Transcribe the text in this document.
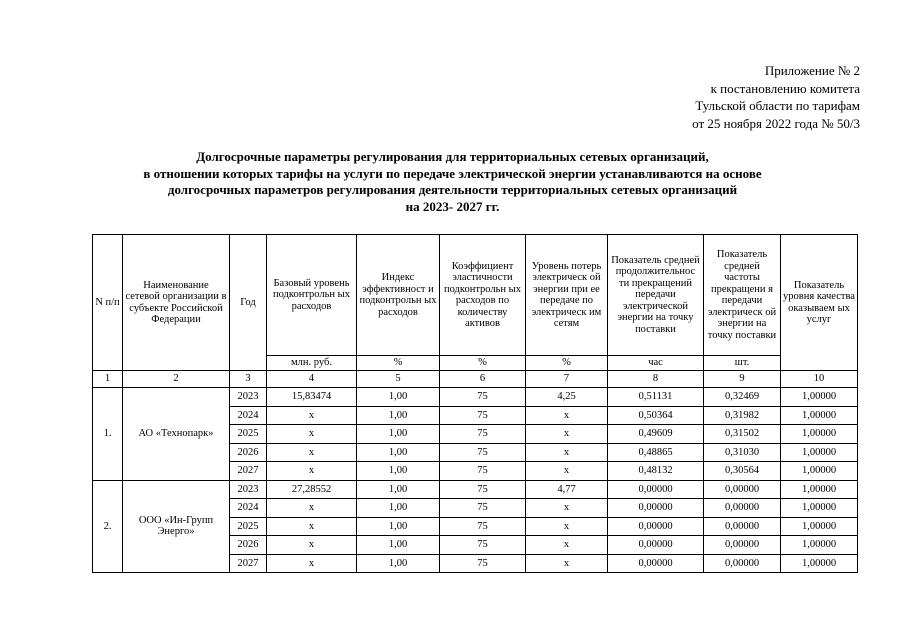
Приложение № 2
к постановлению комитета
Тульской области по тарифам
от 25 ноября 2022 года № 50/3
Долгосрочные параметры регулирования для территориальных сетевых организаций,
в отношении которых тарифы на услуги по передаче электрической энергии устанавливаются на основе
долгосрочных параметров регулирования деятельности территориальных сетевых организаций
на 2023- 2027 гг.
N п/п	Наименование сетевой организации в субъекте Российской Федерации	Год	Базовый уровень подконтрольн ых расходов	Индекс эффективност и подконтрольн ых расходов	Коэффициент эластичности подконтрольн ых расходов по количеству активов	Уровень потерь электрическ ой энергии при ее передаче по электрическ им сетям	Показатель средней продолжительнос ти прекращений передачи электрической энергии на точку поставки	Показатель средней частоты прекращени я передачи электрическ ой энергии на точку поставки	Показатель уровня качества оказываем ых услуг
			млн. руб.	%	%	%	час	шт.	
1	2	3	4	5	6	7	8	9	10
1.	АО «Технопарк»	2023	15,83474	1,00	75	4,25	0,51131	0,32469	1,00000
		2024	x	1,00	75	x	0,50364	0,31982	1,00000
		2025	x	1,00	75	x	0,49609	0,31502	1,00000
		2026	x	1,00	75	x	0,48865	0,31030	1,00000
		2027	x	1,00	75	x	0,48132	0,30564	1,00000
2.	ООО «Ин-Групп Энерго»	2023	27,28552	1,00	75	4,77	0,00000	0,00000	1,00000
		2024	x	1,00	75	x	0,00000	0,00000	1,00000
		2025	x	1,00	75	x	0,00000	0,00000	1,00000
		2026	x	1,00	75	x	0,00000	0,00000	1,00000
		2027	x	1,00	75	x	0,00000	0,00000	1,00000
